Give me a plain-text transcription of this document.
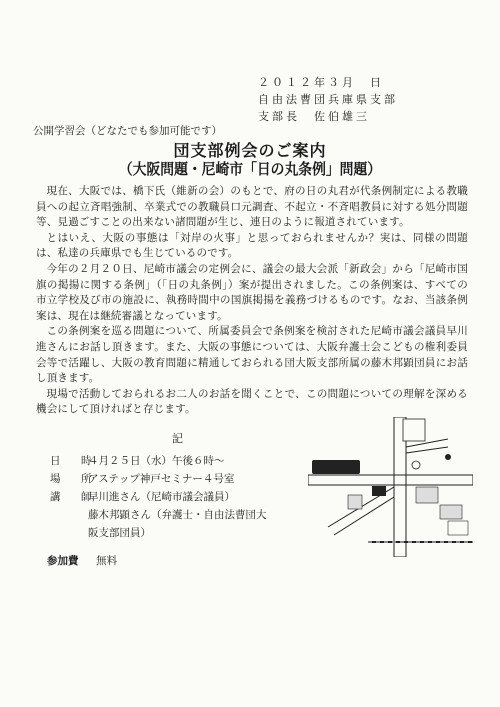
２０１２年３月　日
自由法曹団兵庫県支部
支部長　佐伯雄三
公開学習会（どなたでも参加可能です）
団支部例会のご案内
（大阪問題・尼崎市「日の丸条例」問題）

現在、大阪では、橋下氏（維新の会）のもとで、府の日の丸君が代条例制定による教職員への起立斉唱強制、卒業式での教職員口元調査、不起立・不斉唱教員に対する処分問題等、見過ごすことの出来ない諸問題が生じ、連日のように報道されています。

とはいえ、大阪の事態は「対岸の火事」と思っておられませんか？実は、同様の問題は、私達の兵庫県でも生じているのです。

今年の２月２０日、尼崎市議会の定例会に、議会の最大会派「新政会」から「尼崎市国旗の掲揚に関する条例」（「日の丸条例」）案が提出されました。この条例案は、すべての市立学校及び市の施設に、執務時間中の国旗掲揚を義務づけるものです。なお、当該条例案は、現在は継続審議となっています。

この条例案を巡る問題について、所属委員会で条例案を検討された尼崎市議会議員早川進さんにお話し頂きます。また、大阪の事態については、大阪弁護士会こどもの権利委員会等で活躍し、大阪の教育問題に精通しておられる団大阪支部所属の藤木邦顕団員にお話し頂きます。

現場で活動しておられるお二人のお話を聞くことで、この問題についての理解を深める機会にして頂ければと存じます。

記
日　時
４月２５日（水）午後６時～
場　所
アステップ神戸セミナー４号室
講　師
早川進さん（尼崎市議会議員）
藤木邦顕さん（弁護士・自由法曹団大
阪支部団員）
参加費 無料
